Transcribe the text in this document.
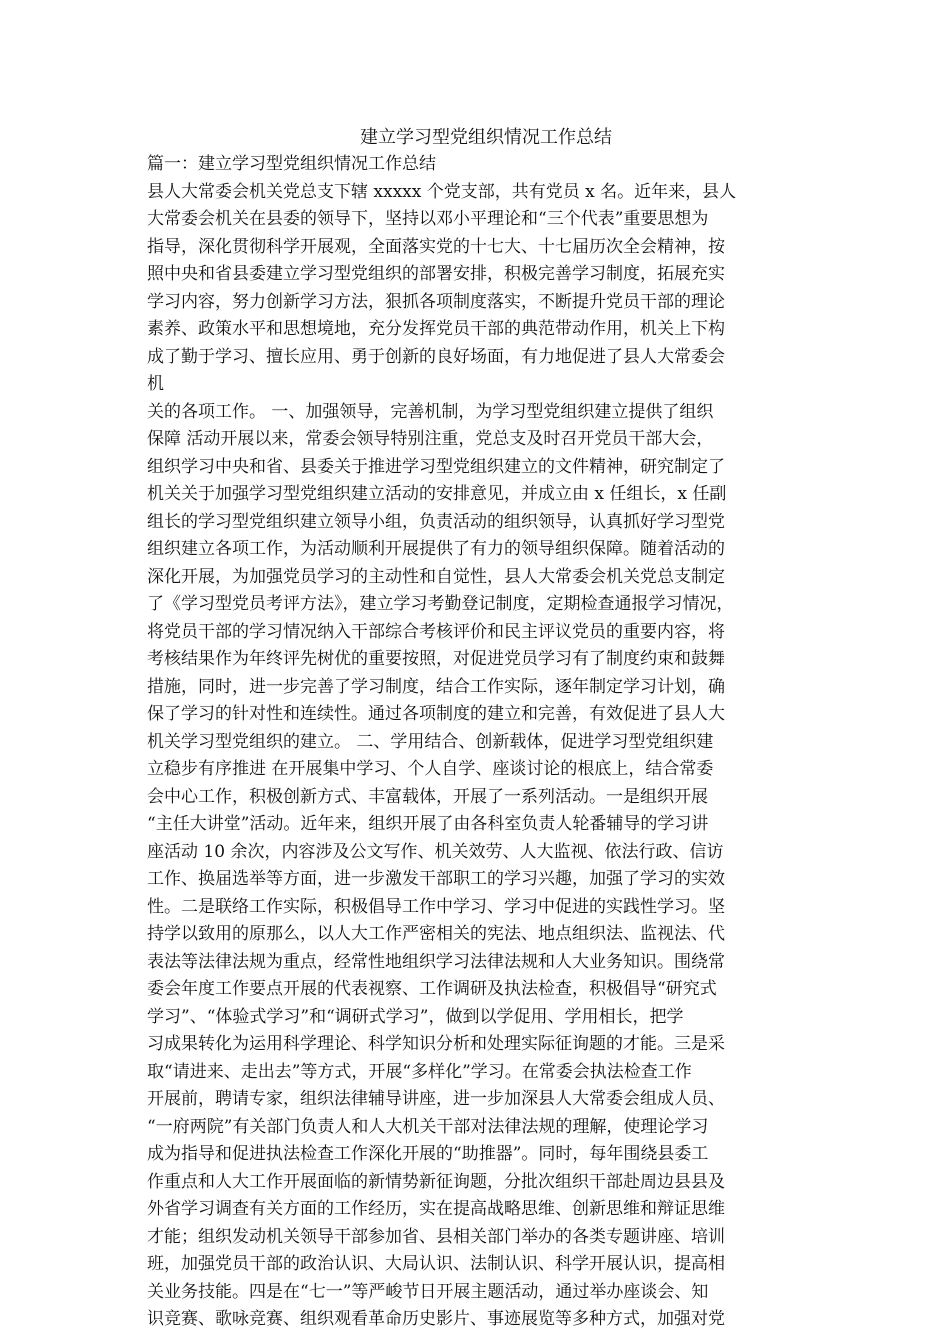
建立学习型党组织情况工作总结
篇一：建立学习型党组织情况工作总结
县人大常委会机关党总支下辖 xxxxx 个党支部，共有党员 x 名。近年来，县人
大常委会机关在县委的领导下，坚持以邓小平理论和“三个代表”重要思想为
指导，深化贯彻科学开展观，全面落实党的十七大、十七届历次全会精神，按
照中央和省县委建立学习型党组织的部署安排，积极完善学习制度，拓展充实
学习内容，努力创新学习方法，狠抓各项制度落实，不断提升党员干部的理论
素养、政策水平和思想境地，充分发挥党员干部的典范带动作用，机关上下构
成了勤于学习、擅长应用、勇于创新的良好场面，有力地促进了县人大常委会
机
关的各项工作。 一、加强领导，完善机制，为学习型党组织建立提供了组织
保障 活动开展以来，常委会领导特别注重，党总支及时召开党员干部大会，
组织学习中央和省、县委关于推进学习型党组织建立的文件精神，研究制定了
机关关于加强学习型党组织建立活动的安排意见，并成立由 x 任组长，x 任副
组长的学习型党组织建立领导小组，负责活动的组织领导，认真抓好学习型党
组织建立各项工作，为活动顺利开展提供了有力的领导组织保障。随着活动的
深化开展，为加强党员学习的主动性和自觉性，县人大常委会机关党总支制定
了《学习型党员考评方法》，建立学习考勤登记制度，定期检查通报学习情况，
将党员干部的学习情况纳入干部综合考核评价和民主评议党员的重要内容，将
考核结果作为年终评先树优的重要按照，对促进党员学习有了制度约束和鼓舞
措施，同时，进一步完善了学习制度，结合工作实际，逐年制定学习计划，确
保了学习的针对性和连续性。通过各项制度的建立和完善，有效促进了县人大
机关学习型党组织的建立。 二、学用结合、创新载体，促进学习型党组织建
立稳步有序推进 在开展集中学习、个人自学、座谈讨论的根底上，结合常委
会中心工作，积极创新方式、丰富载体，开展了一系列活动。一是组织开展
“主任大讲堂”活动。近年来，组织开展了由各科室负责人轮番辅导的学习讲
座活动 10 余次，内容涉及公文写作、机关效劳、人大监视、依法行政、信访
工作、换届选举等方面，进一步激发干部职工的学习兴趣，加强了学习的实效
性。二是联络工作实际，积极倡导工作中学习、学习中促进的实践性学习。坚
持学以致用的原那么，以人大工作严密相关的宪法、地点组织法、监视法、代
表法等法律法规为重点，经常性地组织学习法律法规和人大业务知识。围绕常
委会年度工作要点开展的代表视察、工作调研及执法检查，积极倡导“研究式
学习”、“体验式学习”和“调研式学习”，做到以学促用、学用相长，把学
习成果转化为运用科学理论、科学知识分析和处理实际征询题的才能。三是采
取“请进来、走出去”等方式，开展“多样化”学习。在常委会执法检查工作
开展前，聘请专家，组织法律辅导讲座，进一步加深县人大常委会组成人员、
“一府两院”有关部门负责人和人大机关干部对法律法规的理解，使理论学习
成为指导和促进执法检查工作深化开展的“助推器”。同时，每年围绕县委工
作重点和人大工作开展面临的新情势新征询题，分批次组织干部赴周边县县及
外省学习调查有关方面的工作经历，实在提高战略思维、创新思维和辩证思维
才能；组织发动机关领导干部参加省、县相关部门举办的各类专题讲座、培训
班，加强党员干部的政治认识、大局认识、法制认识、科学开展认识，提高相
关业务技能。四是在“七一”等严峻节日开展主题活动，通过举办座谈会、知
识竞赛、歌咏竞赛、组织观看革命历史影片、事迹展览等多种方式，加强对党
